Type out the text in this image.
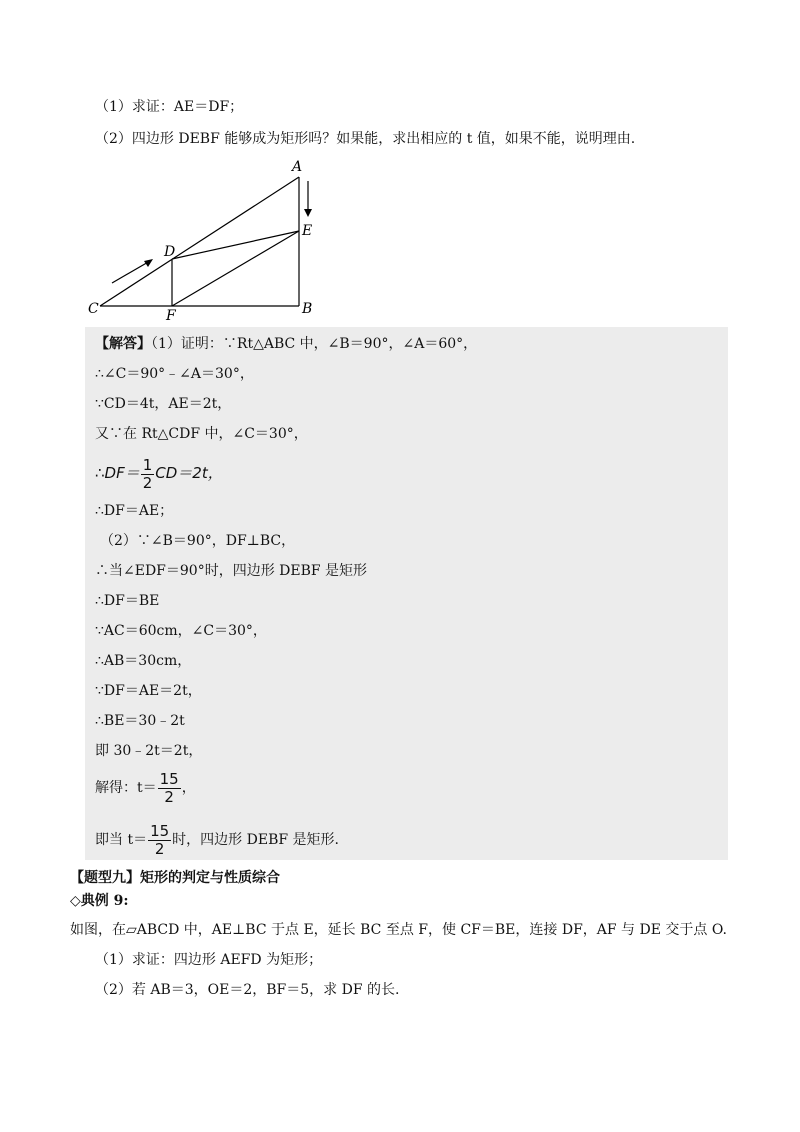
（1）求证：AE＝DF；
（2）四边形 DEBF 能够成为矩形吗？如果能，求出相应的 t 值，如果不能，说明理由.
A
E
D
C	F	B
【解答】（1）证明：∵Rt△ABC 中，∠B＝90°，∠A＝60°，
∴∠C＝90°﹣∠A＝30°，
∵CD＝4t，AE＝2t，
又∵在 Rt△CDF 中，∠C＝30°，
∴DF＝ $\frac{1}{2} CD=2t$，
∴DF＝AE；
（2）∵∠B＝90°，DF⊥BC，
∴当∠EDF＝90°时，四边形 DEBF 是矩形
∴DF＝BE
∵AC＝60cm，∠C＝30°，
∴AB＝30cm，
∵DF＝AE＝2t，
∴BE＝30﹣2t
即 30﹣2t＝2t，
解得：$t= \frac{15}{2}$ ，
即当 $t= \frac{15}{2}$ 时，四边形 DEBF 是矩形.
【题型九】矩形的判定与性质综合
◇典例 9:
如图，在▱ABCD 中，AE⊥BC 于点 E，延长 BC 至点 F，使 CF＝BE，连接 DF，AF 与 DE 交于点 O.
（1）求证：四边形 AEFD 为矩形；
（2）若 AB＝3，OE＝2，BF＝5，求 DF 的长.
